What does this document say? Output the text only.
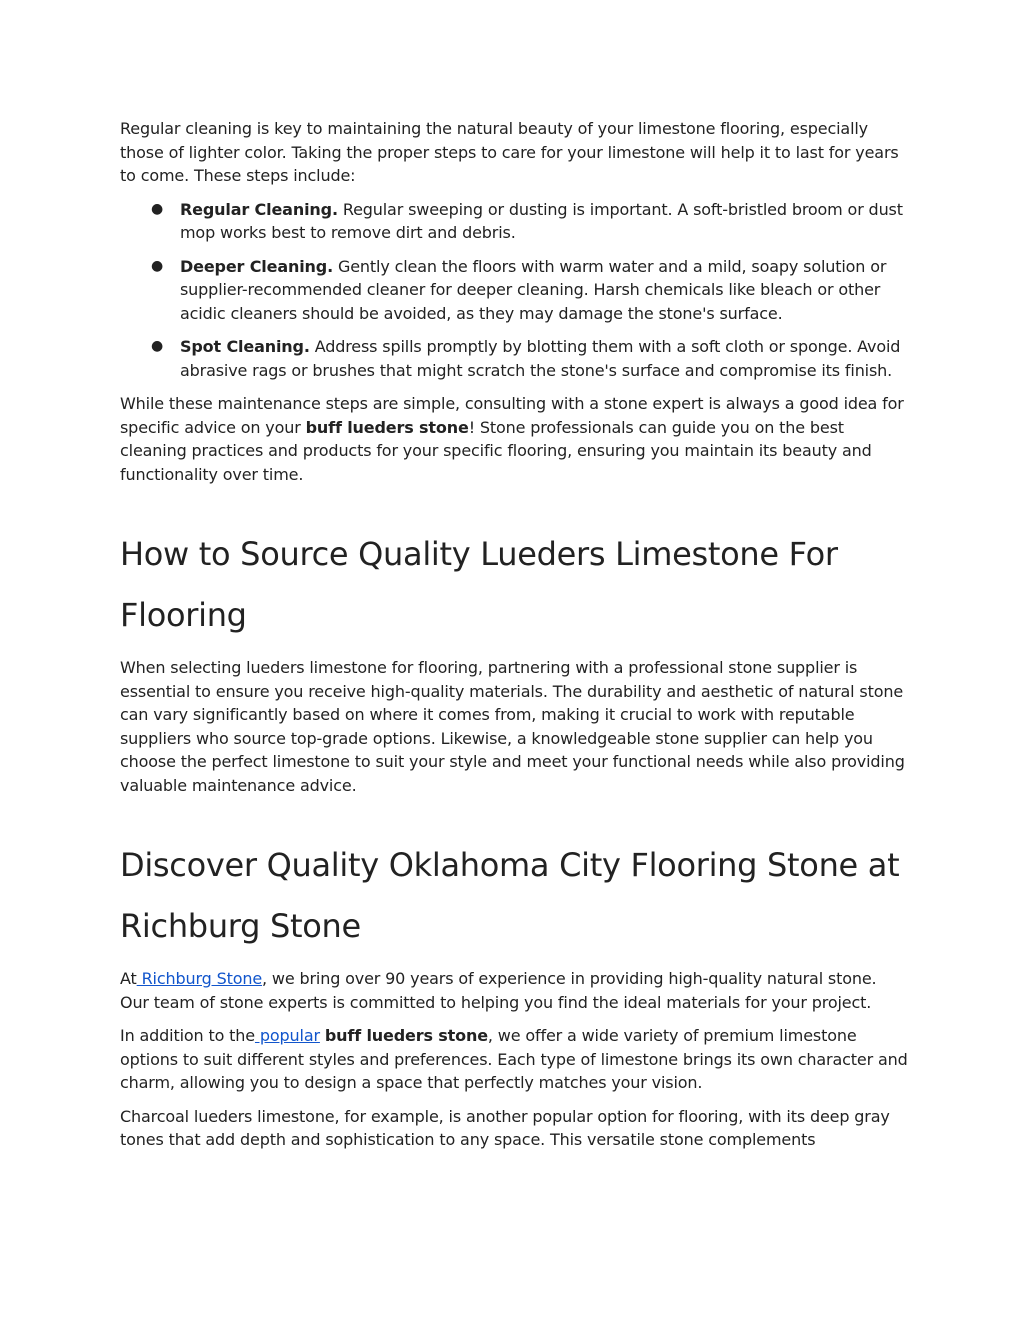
Regular cleaning is key to maintaining the natural beauty of your limestone flooring, especially those of lighter color. Taking the proper steps to care for your limestone will help it to last for years to come. These steps include:

● Regular Cleaning. Regular sweeping or dusting is important. A soft-bristled broom or dust mop works best to remove dirt and debris.
● Deeper Cleaning. Gently clean the floors with warm water and a mild, soapy solution or supplier-recommended cleaner for deeper cleaning. Harsh chemicals like bleach or other acidic cleaners should be avoided, as they may damage the stone's surface.
● Spot Cleaning. Address spills promptly by blotting them with a soft cloth or sponge. Avoid abrasive rags or brushes that might scratch the stone's surface and compromise its finish.

While these maintenance steps are simple, consulting with a stone expert is always a good idea for specific advice on your buff lueders stone! Stone professionals can guide you on the best cleaning practices and products for your specific flooring, ensuring you maintain its beauty and functionality over time.

How to Source Quality Lueders Limestone For Flooring

When selecting lueders limestone for flooring, partnering with a professional stone supplier is essential to ensure you receive high-quality materials. The durability and aesthetic of natural stone can vary significantly based on where it comes from, making it crucial to work with reputable suppliers who source top-grade options. Likewise, a knowledgeable stone supplier can help you choose the perfect limestone to suit your style and meet your functional needs while also providing valuable maintenance advice.

Discover Quality Oklahoma City Flooring Stone at Richburg Stone

At Richburg Stone, we bring over 90 years of experience in providing high-quality natural stone. Our team of stone experts is committed to helping you find the ideal materials for your project.

In addition to the popular buff lueders stone, we offer a wide variety of premium limestone options to suit different styles and preferences. Each type of limestone brings its own character and charm, allowing you to design a space that perfectly matches your vision.

Charcoal lueders limestone, for example, is another popular option for flooring, with its deep gray tones that add depth and sophistication to any space. This versatile stone complements
